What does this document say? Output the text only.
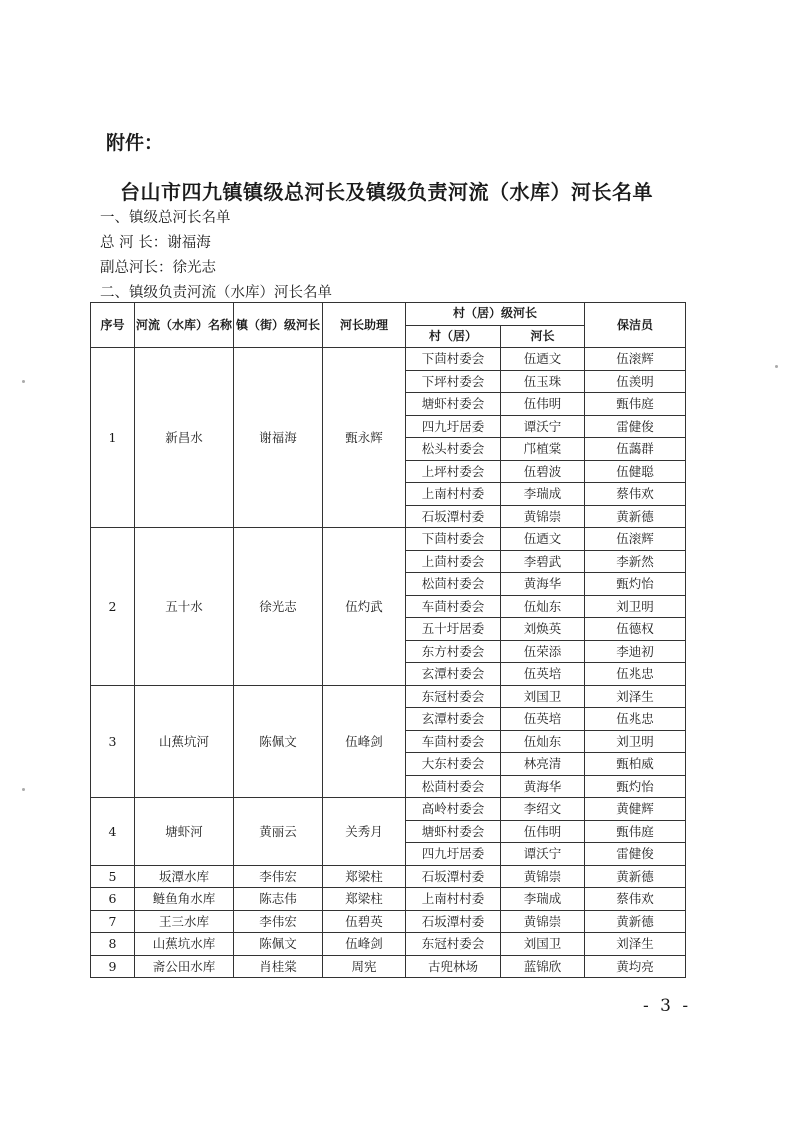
附件：
台山市四九镇镇级总河长及镇级负责河流（水库）河长名单
一、镇级总河长名单
总 河 长：谢福海
副总河长：徐光志
二、镇级负责河流（水库）河长名单
序号	河流（水库）名称	镇（街）级河长	河长助理	村（居）级河长		保洁员
				村（居）	河长	
1	新昌水	谢福海	甄永辉	下茴村委会	伍迺文	伍滚辉
				下坪村委会	伍玉珠	伍羡明
				塘虾村委会	伍伟明	甄伟庭
				四九圩居委	谭沃宁	雷健俊
				松头村委会	邝植棠	伍藹群
				上坪村委会	伍碧波	伍健聪
				上南村村委	李瑞成	蔡伟欢
				石坂潭村委	黄锦崇	黄新德
2	五十水	徐光志	伍灼武	下茴村委会	伍迺文	伍滚辉
				上茴村委会	李碧武	李新然
				松茴村委会	黄海华	甄灼怡
				车茴村委会	伍灿东	刘卫明
				五十圩居委	刘焕英	伍德权
				东方村委会	伍荣添	李迪初
				玄潭村委会	伍英培	伍兆忠
3	山蕉坑河	陈佩文	伍峰剑	东冠村委会	刘国卫	刘泽生
				玄潭村委会	伍英培	伍兆忠
				车茴村委会	伍灿东	刘卫明
				大东村委会	林亮清	甄柏威
				松茴村委会	黄海华	甄灼怡
4	塘虾河	黄丽云	关秀月	高岭村委会	李绍文	黄健辉
				塘虾村委会	伍伟明	甄伟庭
				四九圩居委	谭沃宁	雷健俊
5	坂潭水库	李伟宏	郑梁柱	石坂潭村委	黄锦崇	黄新德
6	鲢鱼角水库	陈志伟	郑梁柱	上南村村委	李瑞成	蔡伟欢
7	王三水库	李伟宏	伍碧英	石坂潭村委	黄锦崇	黄新德
8	山蕉坑水库	陈佩文	伍峰剑	东冠村委会	刘国卫	刘泽生
9	斋公田水库	肖桂棠	周宪	古兜林场	蓝锦欣	黄均亮
- 3 -
